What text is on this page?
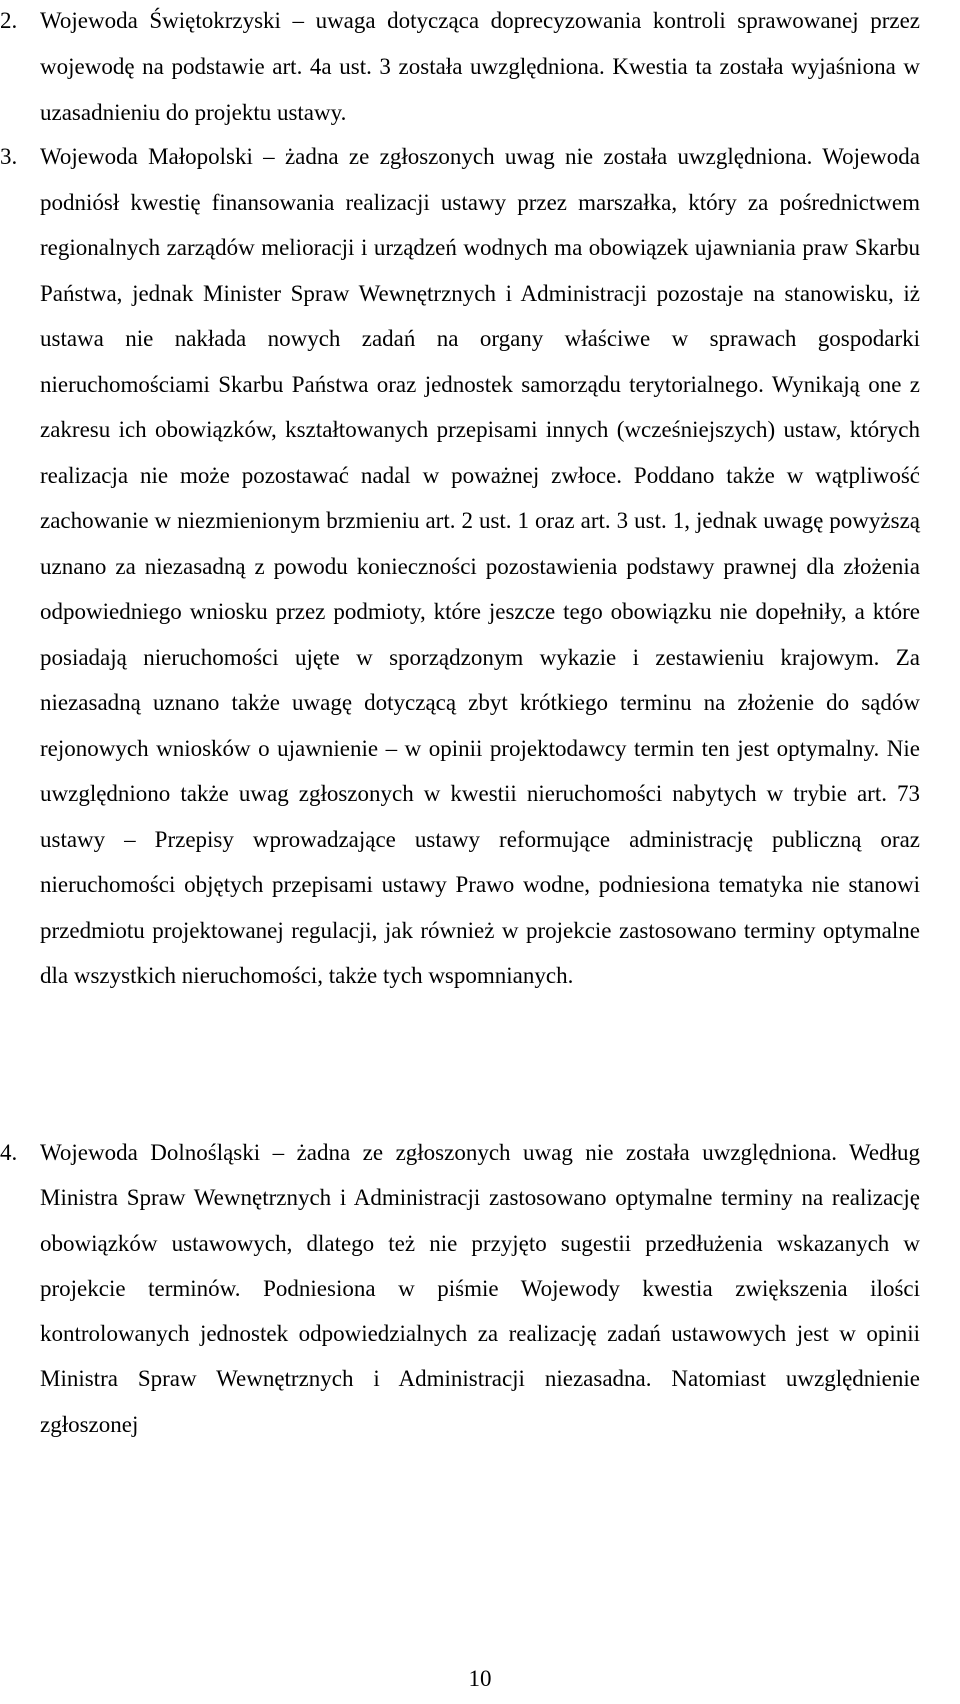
2. Wojewoda Świętokrzyski – uwaga dotycząca doprecyzowania kontroli sprawowanej przez wojewodę na podstawie art. 4a ust. 3 została uwzględniona. Kwestia ta została wyjaśniona w uzasadnieniu do projektu ustawy.
3. Wojewoda Małopolski – żadna ze zgłoszonych uwag nie została uwzględniona. Wojewoda podniósł kwestię finansowania realizacji ustawy przez marszałka, który za pośrednictwem regionalnych zarządów melioracji i urządzeń wodnych ma obowiązek ujawniania praw Skarbu Państwa, jednak Minister Spraw Wewnętrznych i Administracji pozostaje na stanowisku, iż ustawa nie nakłada nowych zadań na organy właściwe w sprawach gospodarki nieruchomościami Skarbu Państwa oraz jednostek samorządu terytorialnego. Wynikają one z zakresu ich obowiązków, kształtowanych przepisami innych (wcześniejszych) ustaw, których realizacja nie może pozostawać nadal w poważnej zwłoce. Poddano także w wątpliwość zachowanie w niezmienionym brzmieniu art. 2 ust. 1 oraz art. 3 ust. 1, jednak uwagę powyższą uznano za niezasadną z powodu konieczności pozostawienia podstawy prawnej dla złożenia odpowiedniego wniosku przez podmioty, które jeszcze tego obowiązku nie dopełniły, a które posiadają nieruchomości ujęte w sporządzonym wykazie i zestawieniu krajowym. Za niezasadną uznano także uwagę dotyczącą zbyt krótkiego terminu na złożenie do sądów rejonowych wniosków o ujawnienie – w opinii projektodawcy termin ten jest optymalny. Nie uwzględniono także uwag zgłoszonych w kwestii nieruchomości nabytych w trybie art. 73 ustawy – Przepisy wprowadzające ustawy reformujące administrację publiczną oraz nieruchomości objętych przepisami ustawy Prawo wodne, podniesiona tematyka nie stanowi przedmiotu projektowanej regulacji, jak również w projekcie zastosowano terminy optymalne dla wszystkich nieruchomości, także tych wspomnianych.
4. Wojewoda Dolnośląski – żadna ze zgłoszonych uwag nie została uwzględniona. Według Ministra Spraw Wewnętrznych i Administracji zastosowano optymalne terminy na realizację obowiązków ustawowych, dlatego też nie przyjęto sugestii przedłużenia wskazanych w projekcie terminów. Podniesiona w piśmie Wojewody kwestia zwiększenia ilości kontrolowanych jednostek odpowiedzialnych za realizację zadań ustawowych jest w opinii Ministra Spraw Wewnętrznych i Administracji niezasadna. Natomiast uwzględnienie zgłoszonej
10
